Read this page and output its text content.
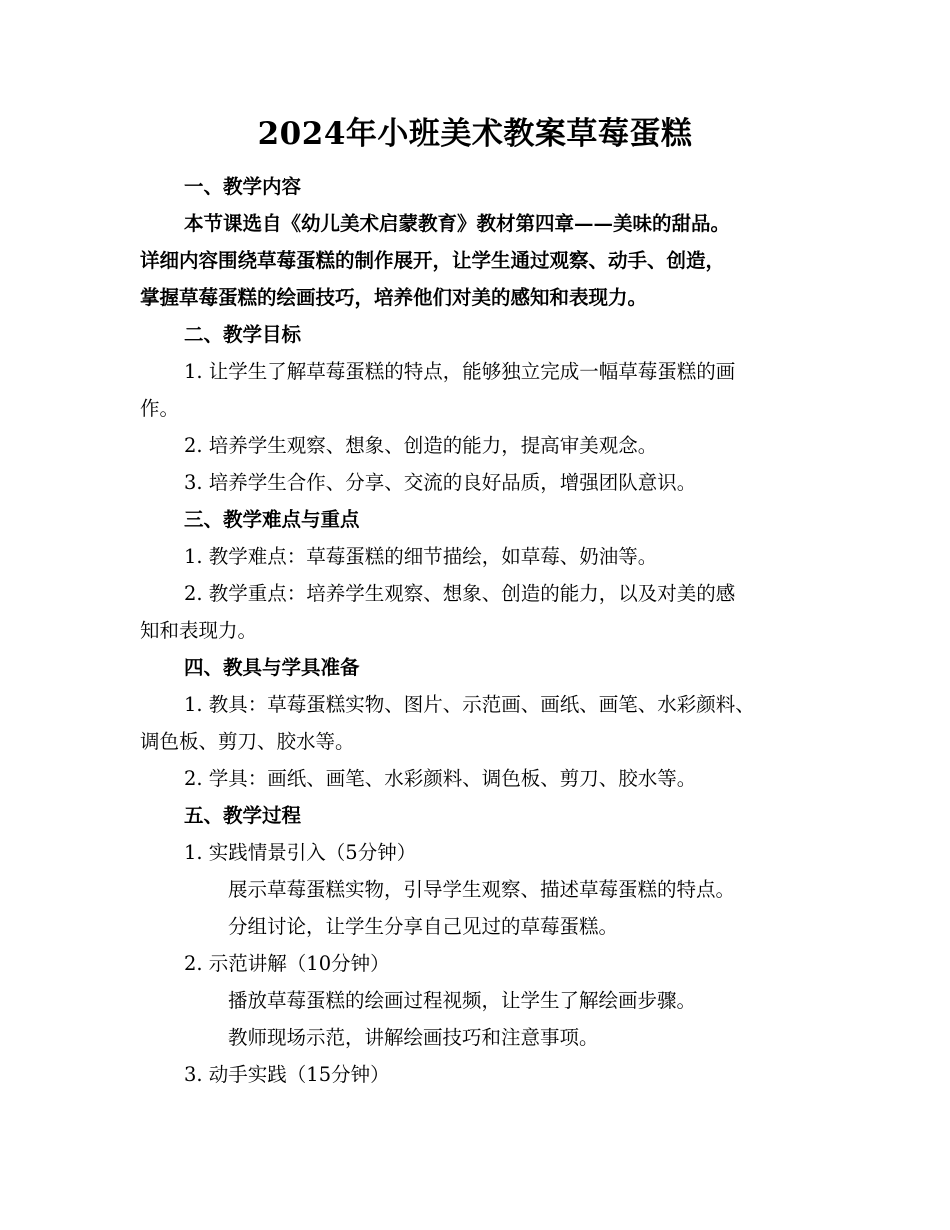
2024年小班美术教案草莓蛋糕

一、教学内容

本节课选自《幼儿美术启蒙教育》教材第四章——美味的甜品。

详细内容围绕草莓蛋糕的制作展开，让学生通过观察、动手、创造，

掌握草莓蛋糕的绘画技巧，培养他们对美的感知和表现力。

二、教学目标

1. 让学生了解草莓蛋糕的特点，能够独立完成一幅草莓蛋糕的画

作。

2. 培养学生观察、想象、创造的能力，提高审美观念。

3. 培养学生合作、分享、交流的良好品质，增强团队意识。

三、教学难点与重点

1. 教学难点：草莓蛋糕的细节描绘，如草莓、奶油等。

2. 教学重点：培养学生观察、想象、创造的能力，以及对美的感

知和表现力。

四、教具与学具准备

1. 教具：草莓蛋糕实物、图片、示范画、画纸、画笔、水彩颜料、

调色板、剪刀、胶水等。

2. 学具：画纸、画笔、水彩颜料、调色板、剪刀、胶水等。

五、教学过程

1. 实践情景引入（5分钟）

展示草莓蛋糕实物，引导学生观察、描述草莓蛋糕的特点。

分组讨论，让学生分享自己见过的草莓蛋糕。

2. 示范讲解（10分钟）

播放草莓蛋糕的绘画过程视频，让学生了解绘画步骤。

教师现场示范，讲解绘画技巧和注意事项。

3. 动手实践（15分钟）
